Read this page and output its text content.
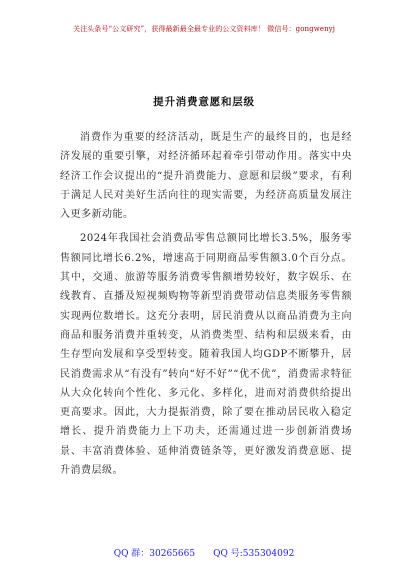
关注头条号“公文研究”，获得最新最全最专业的公文资料库！ 微信号：gongwenyj
提升消费意愿和层级

消费作为重要的经济活动，既是生产的最终目的，也是经济发展的重要引擎，对经济循环起着牵引带动作用。落实中央经济工作会议提出的“提升消费能力、意愿和层级”要求，有利于满足人民对美好生活向往的现实需要，为经济高质量发展注入更多新动能。

2024年我国社会消费品零售总额同比增长3.5%，服务零售额同比增长6.2%，增速高于同期商品零售额3.0个百分点。其中，交通、旅游等服务消费零售额增势较好，数字娱乐、在线教育、直播及短视频购物等新型消费带动信息类服务零售额实现两位数增长。这充分表明，居民消费从以商品消费为主向商品和服务消费并重转变，从消费类型、结构和层级来看，由生存型向发展和享受型转变。随着我国人均GDP不断攀升，居民消费需求从“有没有”转向“好不好”“优不优”，消费需求特征从大众化转向个性化、多元化、多样化，进而对消费供给提出更高要求。因此，大力提振消费，除了要在推动居民收入稳定增长、提升消费能力上下功夫，还需通过进一步创新消费场景、丰富消费体验、延伸消费链条等，更好激发消费意愿、提升消费层级。

QQ 群：30265665 QQ 号:535304092
